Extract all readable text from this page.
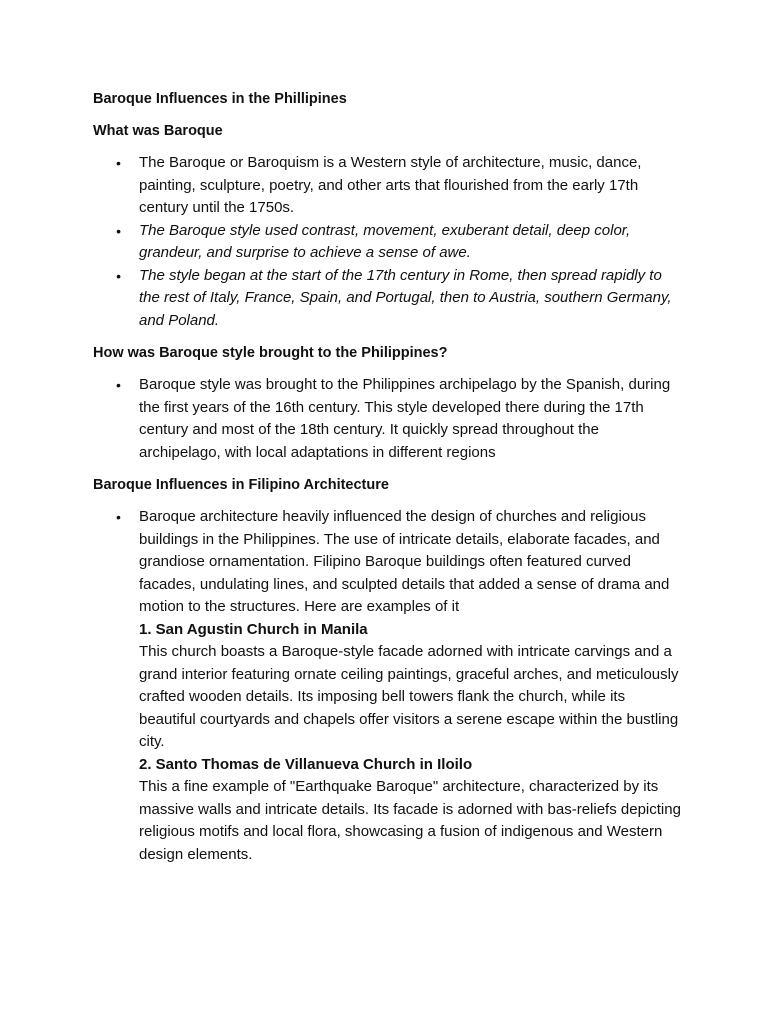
Baroque Influences in the Phillipines
What was Baroque
• The Baroque or Baroquism is a Western style of architecture, music, dance, painting, sculpture, poetry, and other arts that flourished from the early 17th century until the 1750s.
• The Baroque style used contrast, movement, exuberant detail, deep color, grandeur, and surprise to achieve a sense of awe.
• The style began at the start of the 17th century in Rome, then spread rapidly to the rest of Italy, France, Spain, and Portugal, then to Austria, southern Germany, and Poland.
How was Baroque style brought to the Philippines?
• Baroque style was brought to the Philippines archipelago by the Spanish, during the first years of the 16th century. This style developed there during the 17th century and most of the 18th century. It quickly spread throughout the archipelago, with local adaptations in different regions
Baroque Influences in Filipino Architecture
• Baroque architecture heavily influenced the design of churches and religious buildings in the Philippines. The use of intricate details, elaborate facades, and grandiose ornamentation. Filipino Baroque buildings often featured curved facades, undulating lines, and sculpted details that added a sense of drama and motion to the structures. Here are examples of it
1. San Agustin Church in Manila
This church boasts a Baroque-style facade adorned with intricate carvings and a grand interior featuring ornate ceiling paintings, graceful arches, and meticulously crafted wooden details. Its imposing bell towers flank the church, while its beautiful courtyards and chapels offer visitors a serene escape within the bustling city.
2. Santo Thomas de Villanueva Church in Iloilo
This a fine example of "Earthquake Baroque" architecture, characterized by its massive walls and intricate details. Its facade is adorned with bas-reliefs depicting religious motifs and local flora, showcasing a fusion of indigenous and Western design elements.
